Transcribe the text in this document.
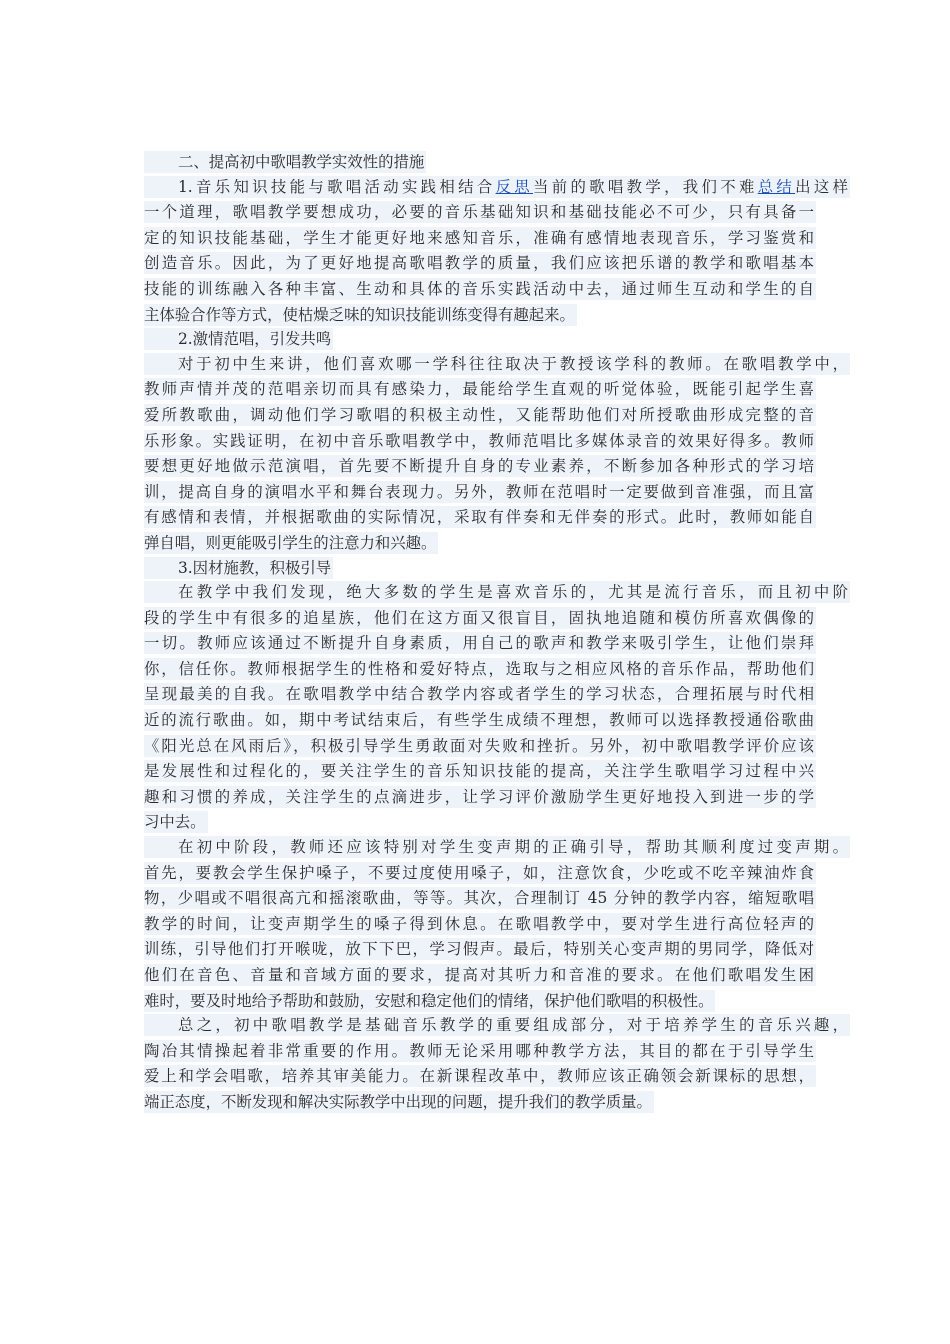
二、提高初中歌唱教学实效性的措施
1.音乐知识技能与歌唱活动实践相结合反思当前的歌唱教学，我们不难总结出这样
一个道理，歌唱教学要想成功，必要的音乐基础知识和基础技能必不可少，只有具备一
定的知识技能基础，学生才能更好地来感知音乐，准确有感情地表现音乐，学习鉴赏和
创造音乐。因此，为了更好地提高歌唱教学的质量，我们应该把乐谱的教学和歌唱基本
技能的训练融入各种丰富、生动和具体的音乐实践活动中去，通过师生互动和学生的自
主体验合作等方式，使枯燥乏味的知识技能训练变得有趣起来。
2.激情范唱，引发共鸣
对于初中生来讲，他们喜欢哪一学科往往取决于教授该学科的教师。在歌唱教学中，
教师声情并茂的范唱亲切而具有感染力，最能给学生直观的听觉体验，既能引起学生喜
爱所教歌曲，调动他们学习歌唱的积极主动性，又能帮助他们对所授歌曲形成完整的音
乐形象。实践证明，在初中音乐歌唱教学中，教师范唱比多媒体录音的效果好得多。教师
要想更好地做示范演唱，首先要不断提升自身的专业素养，不断参加各种形式的学习培
训，提高自身的演唱水平和舞台表现力。另外，教师在范唱时一定要做到音准强，而且富
有感情和表情，并根据歌曲的实际情况，采取有伴奏和无伴奏的形式。此时，教师如能自
弹自唱，则更能吸引学生的注意力和兴趣。
3.因材施教，积极引导
在教学中我们发现，绝大多数的学生是喜欢音乐的，尤其是流行音乐，而且初中阶
段的学生中有很多的追星族，他们在这方面又很盲目，固执地追随和模仿所喜欢偶像的
一切。教师应该通过不断提升自身素质，用自己的歌声和教学来吸引学生，让他们崇拜
你，信任你。教师根据学生的性格和爱好特点，选取与之相应风格的音乐作品，帮助他们
呈现最美的自我。在歌唱教学中结合教学内容或者学生的学习状态，合理拓展与时代相
近的流行歌曲。如，期中考试结束后，有些学生成绩不理想，教师可以选择教授通俗歌曲
《阳光总在风雨后》，积极引导学生勇敢面对失败和挫折。另外，初中歌唱教学评价应该
是发展性和过程化的，要关注学生的音乐知识技能的提高，关注学生歌唱学习过程中兴
趣和习惯的养成，关注学生的点滴进步，让学习评价激励学生更好地投入到进一步的学
习中去。
在初中阶段，教师还应该特别对学生变声期的正确引导，帮助其顺利度过变声期。
首先，要教会学生保护嗓子，不要过度使用嗓子，如，注意饮食，少吃或不吃辛辣油炸食
物，少唱或不唱很高亢和摇滚歌曲，等等。其次，合理制订 45 分钟的教学内容，缩短歌唱
教学的时间，让变声期学生的嗓子得到休息。在歌唱教学中，要对学生进行高位轻声的
训练，引导他们打开喉咙，放下下巴，学习假声。最后，特别关心变声期的男同学，降低对
他们在音色、音量和音域方面的要求，提高对其听力和音准的要求。在他们歌唱发生困
难时，要及时地给予帮助和鼓励，安慰和稳定他们的情绪，保护他们歌唱的积极性。
总之，初中歌唱教学是基础音乐教学的重要组成部分，对于培养学生的音乐兴趣，
陶冶其情操起着非常重要的作用。教师无论采用哪种教学方法，其目的都在于引导学生
爱上和学会唱歌，培养其审美能力。在新课程改革中，教师应该正确领会新课标的思想，
端正态度，不断发现和解决实际教学中出现的问题，提升我们的教学质量。
